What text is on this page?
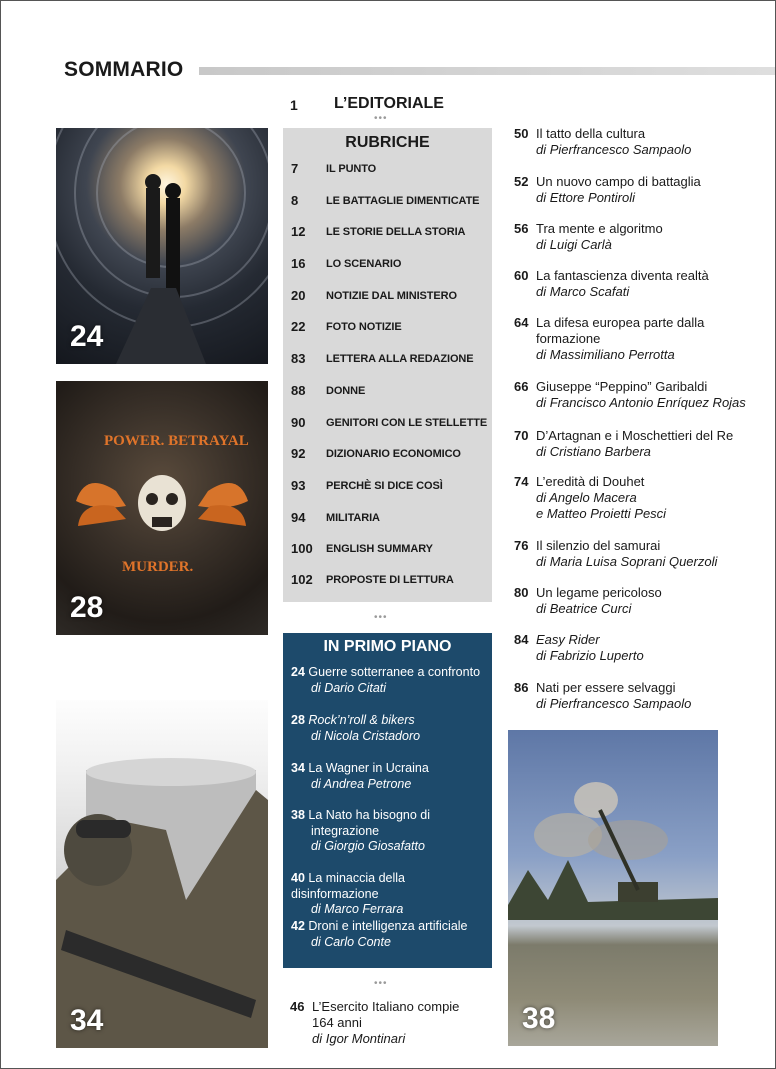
SOMMARIO
1 L’EDITORIALE
•••
24
POWER. BETRAYAL
MURDER.
28
34	38
RUBRICHE
7	IL PUNTO
8	LE BATTAGLIE DIMENTICATE
12 LE STORIE DELLA STORIA
16 LO SCENARIO
20 NOTIZIE DAL MINISTERO
22 FOTO NOTIZIE
83 LETTERA ALLA REDAZIONE
88 DONNE
90 GENITORI CON LE STELLETTE
92 DIZIONARIO ECONOMICO
93 PERCHÈ SI DICE COSÌ
94 MILITARIA
100 ENGLISH SUMMARY
102 PROPOSTE DI LETTURA
•••
IN PRIMO PIANO
24 Guerre sotterranee a confronto
di Dario Citati
28 Rock’n’roll & bikers
di Nicola Cristadoro
34 La Wagner in Ucraina
di Andrea Petrone
38 La Nato ha bisogno di
integrazione
di Giorgio Giosafatto
40 La minaccia della disinformazione
di Marco Ferrara
42 Droni e intelligenza artificiale
di Carlo Conte
•••
46 L’Esercito Italiano compie
164 anni
di Igor Montinari
50 Il tatto della cultura
di Pierfrancesco Sampaolo
52 Un nuovo campo di battaglia
di Ettore Pontiroli
56 Tra mente e algoritmo
di Luigi Carlà
60 La fantascienza diventa realtà
di Marco Scafati
64 La difesa europea parte dalla
formazione
di Massimiliano Perrotta
66 Giuseppe “Peppino” Garibaldi
di Francisco Antonio Enríquez Rojas
70 D’Artagnan e i Moschettieri del Re
di Cristiano Barbera
74 L’eredità di Douhet
di Angelo Macera
e Matteo Proietti Pesci
76 Il silenzio del samurai
di Maria Luisa Soprani Querzoli
80 Un legame pericoloso
di Beatrice Curci
84 Easy Rider
di Fabrizio Luperto
86 Nati per essere selvaggi
di Pierfrancesco Sampaolo
